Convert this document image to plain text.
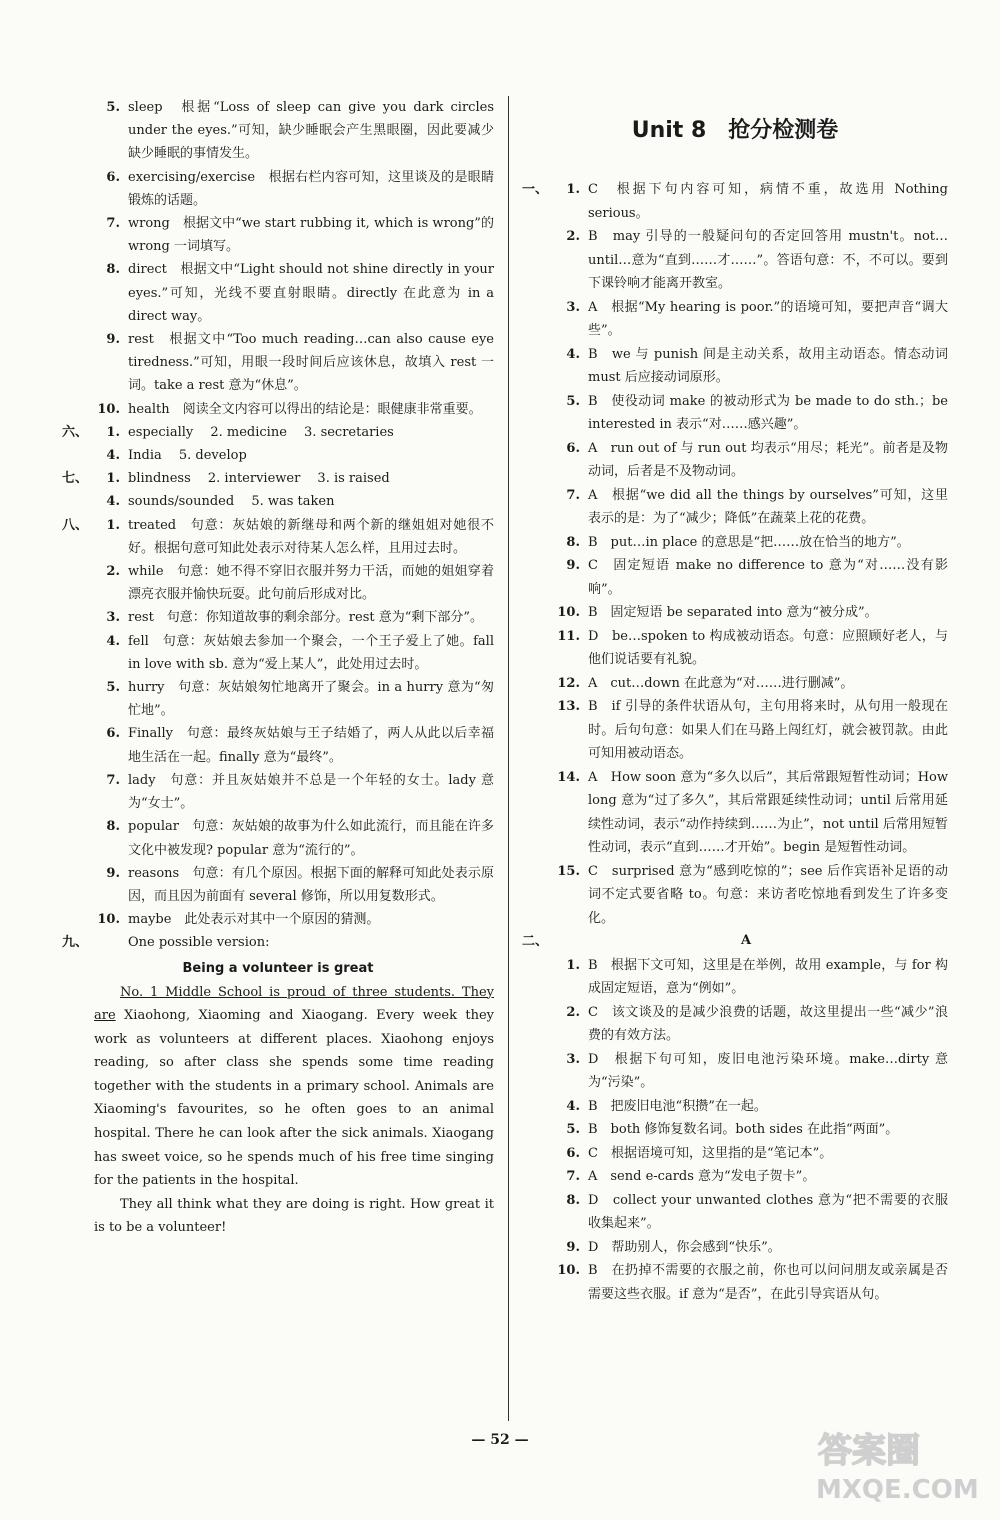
5. sleep　根据“Loss of sleep can give you dark circles under the eyes.”可知，缺少睡眠会产生黑眼圈，因此要减少缺少睡眠的事情发生。
6. exercising/exercise　根据右栏内容可知，这里谈及的是眼睛锻炼的话题。
7. wrong　根据文中“we start rubbing it, which is wrong”的 wrong 一词填写。
8. direct　根据文中“Light should not shine directly in your eyes.”可知，光线不要直射眼睛。directly 在此意为 in a direct way。
9. rest　根据文中“Too much reading…can also cause eye tiredness.”可知，用眼一段时间后应该休息，故填入 rest 一词。take a rest 意为“休息”。
10. health　阅读全文内容可以得出的结论是：眼健康非常重要。
六、	1. especially　 2. medicine　 3. secretaries
4. India　 5. develop
七、	1. blindness　 2. interviewer　 3. is raised
4. sounds/sounded　 5. was taken
八、	1. treated　句意：灰姑娘的新继母和两个新的继姐姐对她很不好。根据句意可知此处表示对待某人怎么样，且用过去时。
2. while　句意：她不得不穿旧衣服并努力干活，而她的姐姐穿着漂亮衣服并愉快玩耍。此句前后形成对比。
3. rest　句意：你知道故事的剩余部分。rest 意为“剩下部分”。
4. fell　句意：灰姑娘去参加一个聚会，一个王子爱上了她。fall in love with sb. 意为“爱上某人”，此处用过去时。
5. hurry　句意：灰姑娘匆忙地离开了聚会。in a hurry 意为“匆忙地”。
6. Finally　句意：最终灰姑娘与王子结婚了，两人从此以后幸福地生活在一起。finally 意为“最终”。
7. lady　句意：并且灰姑娘并不总是一个年轻的女士。lady 意为“女士”。
8. popular　句意：灰姑娘的故事为什么如此流行，而且能在许多文化中被发现? popular 意为“流行的”。
9. reasons　句意：有几个原因。根据下面的解释可知此处表示原因，而且因为前面有 several 修饰，所以用复数形式。
10. maybe　此处表示对其中一个原因的猜测。
九、	One possible version:
Being a volunteer is great
No. 1 Middle School is proud of three students. They are Xiaohong, Xiaoming and Xiaogang. Every week they work as volunteers at different places. Xiaohong enjoys reading, so after class she spends some time reading together with the students in a primary school. Animals are Xiaoming's favourites, so he often goes to an animal hospital. There he can look after the sick animals. Xiaogang has sweet voice, so he spends much of his free time singing for the patients in the hospital.
They all think what they are doing is right. How great it is to be a volunteer!
Unit 8　抢分检测卷
一、	1. C　根据下句内容可知，病情不重，故选用 Nothing serious。
2. B　may 引导的一般疑问句的否定回答用 mustn't。not…until…意为“直到……才……”。答语句意：不，不可以。要到下课铃响才能离开教室。
3. A　根据“My hearing is poor.”的语境可知，要把声音“调大些”。
4. B　we 与 punish 间是主动关系，故用主动语态。情态动词 must 后应接动词原形。
5. B　使役动词 make 的被动形式为 be made to do sth.；be interested in 表示“对……感兴趣”。
6. A　run out of 与 run out 均表示“用尽；耗光”。前者是及物动词，后者是不及物动词。
7. A　根据“we did all the things by ourselves”可知，这里表示的是：为了“减少；降低”在蔬菜上花的花费。
8. B　put…in place 的意思是“把……放在恰当的地方”。
9. C　固定短语 make no difference to 意为“对……没有影响”。
10. B　固定短语 be separated into 意为“被分成”。
11. D　be…spoken to 构成被动语态。句意：应照顾好老人，与他们说话要有礼貌。
12. A　cut…down 在此意为“对……进行删减”。
13. B　if 引导的条件状语从句，主句用将来时，从句用一般现在时。后句句意：如果人们在马路上闯红灯，就会被罚款。由此可知用被动语态。
14. A　How soon 意为“多久以后”，其后常跟短暂性动词；How long 意为“过了多久”，其后常跟延续性动词；until 后常用延续性动词，表示“动作持续到……为止”，not until 后常用短暂性动词，表示“直到……才开始”。begin 是短暂性动词。
15. C　surprised 意为“感到吃惊的”；see 后作宾语补足语的动词不定式要省略 to。句意：来访者吃惊地看到发生了许多变化。
二、	A
1. B　根据下文可知，这里是在举例，故用 example，与 for 构成固定短语，意为“例如”。
2. C　该文谈及的是减少浪费的话题，故这里提出一些“减少”浪费的有效方法。
3. D　根据下句可知，废旧电池污染环境。make…dirty 意为“污染”。
4. B　把废旧电池“积攒”在一起。
5. B　both 修饰复数名词。both sides 在此指“两面”。
6. C　根据语境可知，这里指的是“笔记本”。
7. A　send e-cards 意为“发电子贺卡”。
8. D　collect your unwanted clothes 意为“把不需要的衣服收集起来”。
9. D　帮助别人，你会感到“快乐”。
10. B　在扔掉不需要的衣服之前，你也可以问问朋友或亲属是否需要这些衣服。if 意为“是否”，在此引导宾语从句。
— 52 —	答案圈
MXQE.COM
